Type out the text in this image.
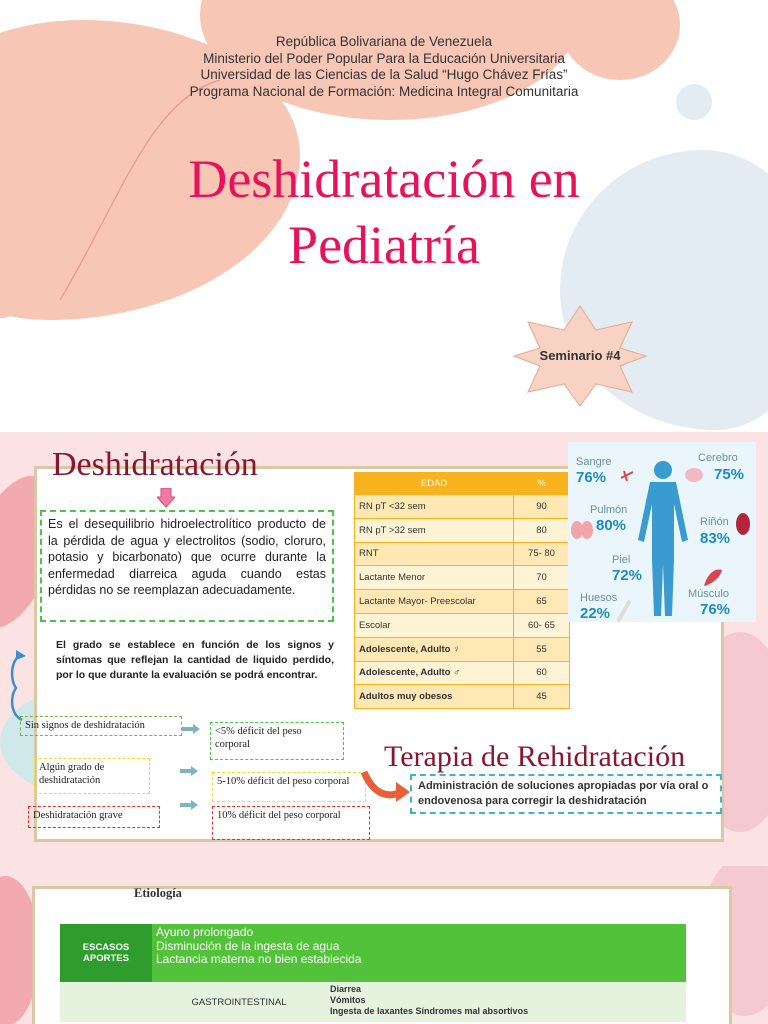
República Bolivariana de Venezuela
Ministerio del Poder Popular Para la Educación Universitaria
Universidad de las Ciencias de la Salud “Hugo Chávez Frías”
Programa Nacional de Formación: Medicina Integral Comunitaria
Deshidratación en
Pediatría
Seminario #4
Deshidratación
Es el desequilibrio hidroelectrolítico producto de la pérdida de agua y electrolitos (sodio, cloruro, potasio y bicarbonato) que ocurre durante la enfermedad diarreica aguda cuando estas pérdidas no se reemplazan adecuadamente.
El grado se establece en función de los signos y síntomas que reflejan la cantidad de liquido perdido, por lo que durante la evaluación se podrá encontrar.
Sin signos de deshidratación
Algún grado de deshidratación
Deshidratación grave
<5% déficit del peso corporal
5-10% déficit del peso corporal
10% déficit del peso corporal
EDAD	%
RN pT <32 sem	90
RN pT >32 sem	80
RNT	75- 80
Lactante Menor	70
Lactante Mayor- Preescolar	65
Escolar	60- 65
Adolescente, Adulto ♀	55
Adolescente, Adulto ♂	60
Adultos muy obesos	45
Sangre
76%
Cerebro
75%
Pulmón
80%	Riñón
83%
Piel
72%
Huesos
22%
Músculo
76%
Terapia de Rehidratación
Administración de soluciones apropiadas por vía oral o endovenosa para corregir la deshidratación
Etiología
ESCASOS APORTES	Ayuno prolongado
Disminución de la ingesta de agua
Lactancia materna no bien establecida	

	GASTROINTESTINAL	Diarrea
Vómitos
Ingesta de laxantes Síndromes mal absortivos
